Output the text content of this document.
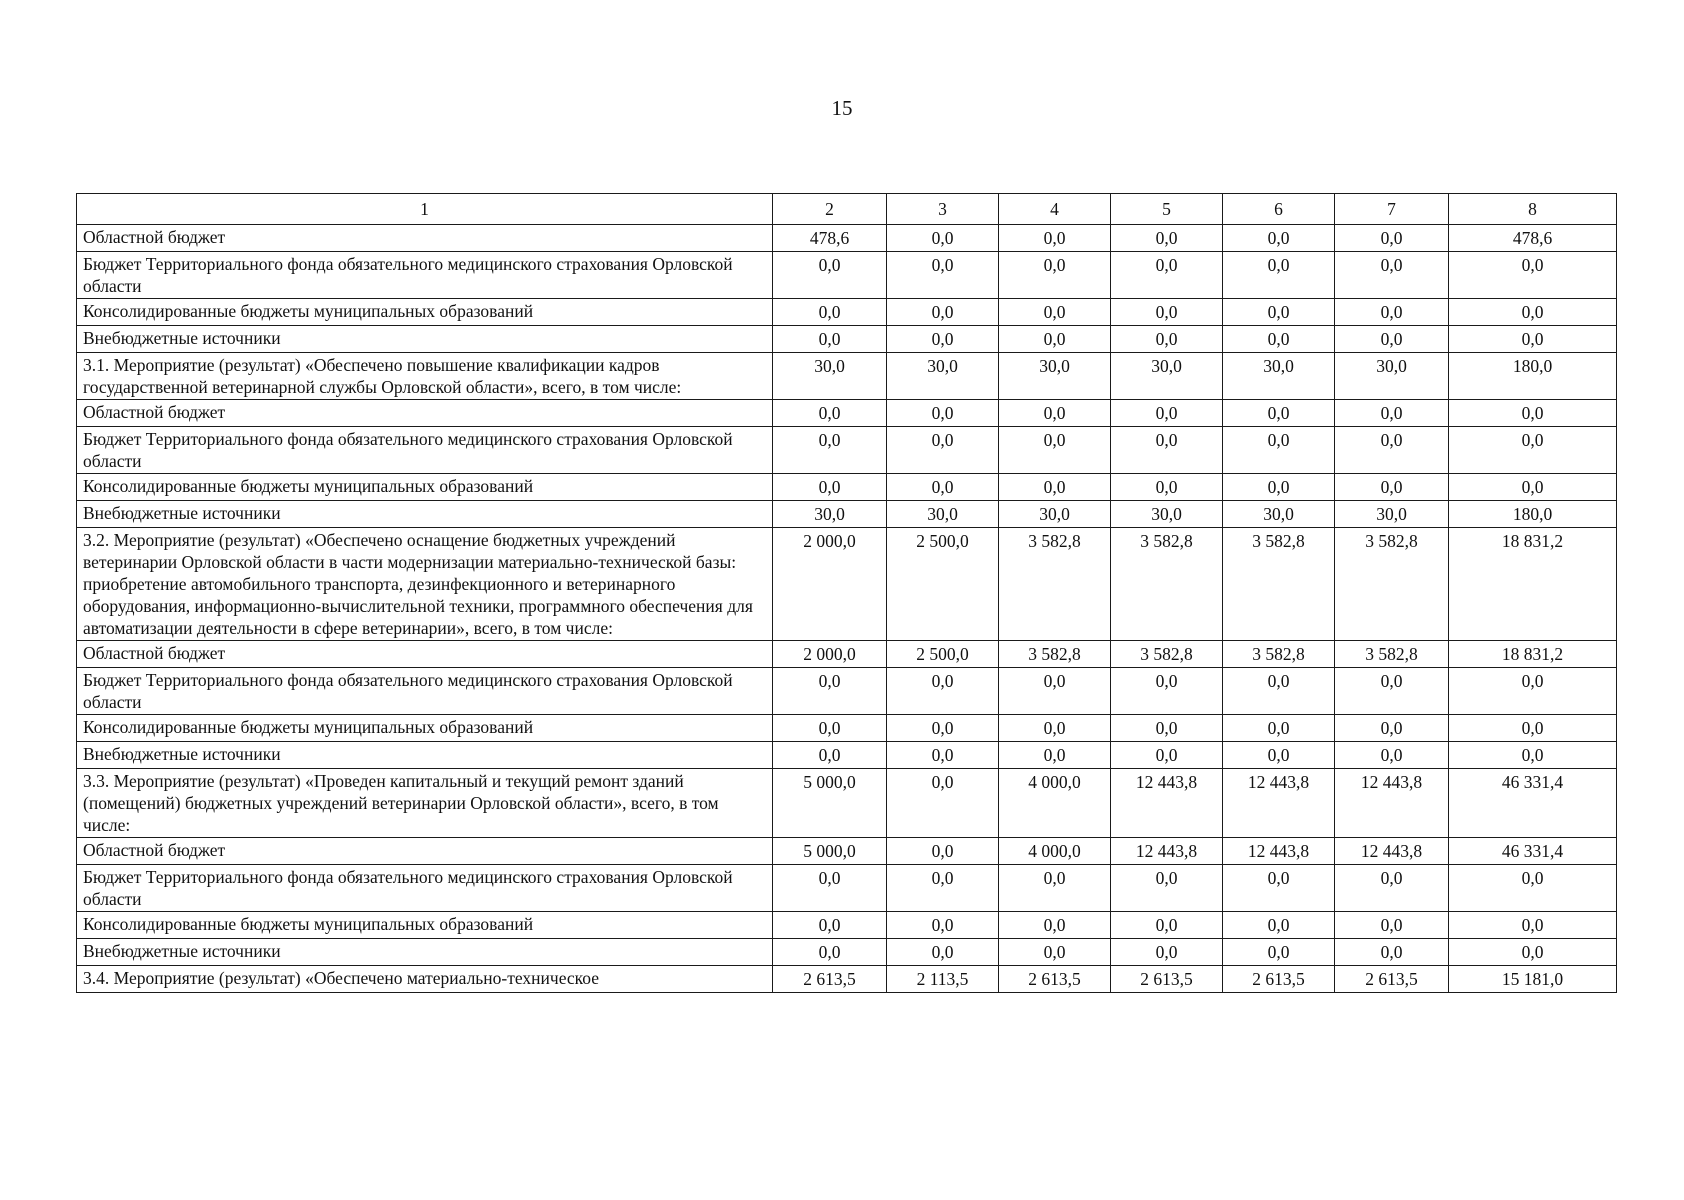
15
1	2	3	4	5	6	7	8
Областной бюджет	478,6	0,0	0,0	0,0	0,0	0,0	478,6
Бюджет Территориального фонда обязательного медицинского страхования Орловской области	0,0	0,0	0,0	0,0	0,0	0,0	0,0
Консолидированные бюджеты муниципальных образований	0,0	0,0	0,0	0,0	0,0	0,0	0,0
Внебюджетные источники	0,0	0,0	0,0	0,0	0,0	0,0	0,0
3.1. Мероприятие (результат) «Обеспечено повышение квалификации кадров государственной ветеринарной службы Орловской области», всего, в том числе:	30,0	30,0	30,0	30,0	30,0	30,0	180,0
Областной бюджет	0,0	0,0	0,0	0,0	0,0	0,0	0,0
Бюджет Территориального фонда обязательного медицинского страхования Орловской области	0,0	0,0	0,0	0,0	0,0	0,0	0,0
Консолидированные бюджеты муниципальных образований	0,0	0,0	0,0	0,0	0,0	0,0	0,0
Внебюджетные источники	30,0	30,0	30,0	30,0	30,0	30,0	180,0
3.2. Мероприятие (результат) «Обеспечено оснащение бюджетных учреждений ветеринарии Орловской области в части модернизации материально-технической базы: приобретение автомобильного транспорта, дезинфекционного и ветеринарного оборудования, информационно-вычислительной техники, программного обеспечения для автоматизации деятельности в сфере ветеринарии», всего, в том числе:	2 000,0	2 500,0	3 582,8	3 582,8	3 582,8	3 582,8	18 831,2
Областной бюджет	2 000,0	2 500,0	3 582,8	3 582,8	3 582,8	3 582,8	18 831,2
Бюджет Территориального фонда обязательного медицинского страхования Орловской области	0,0	0,0	0,0	0,0	0,0	0,0	0,0
Консолидированные бюджеты муниципальных образований	0,0	0,0	0,0	0,0	0,0	0,0	0,0
Внебюджетные источники	0,0	0,0	0,0	0,0	0,0	0,0	0,0
3.3. Мероприятие (результат) «Проведен капитальный и текущий ремонт зданий (помещений) бюджетных учреждений ветеринарии Орловской области», всего, в том числе:	5 000,0	0,0	4 000,0	12 443,8	12 443,8	12 443,8	46 331,4
Областной бюджет	5 000,0	0,0	4 000,0	12 443,8	12 443,8	12 443,8	46 331,4
Бюджет Территориального фонда обязательного медицинского страхования Орловской области	0,0	0,0	0,0	0,0	0,0	0,0	0,0
Консолидированные бюджеты муниципальных образований	0,0	0,0	0,0	0,0	0,0	0,0	0,0
Внебюджетные источники	0,0	0,0	0,0	0,0	0,0	0,0	0,0
3.4. Мероприятие (результат) «Обеспечено материально-техническое	2 613,5	2 113,5	2 613,5	2 613,5	2 613,5	2 613,5	15 181,0
